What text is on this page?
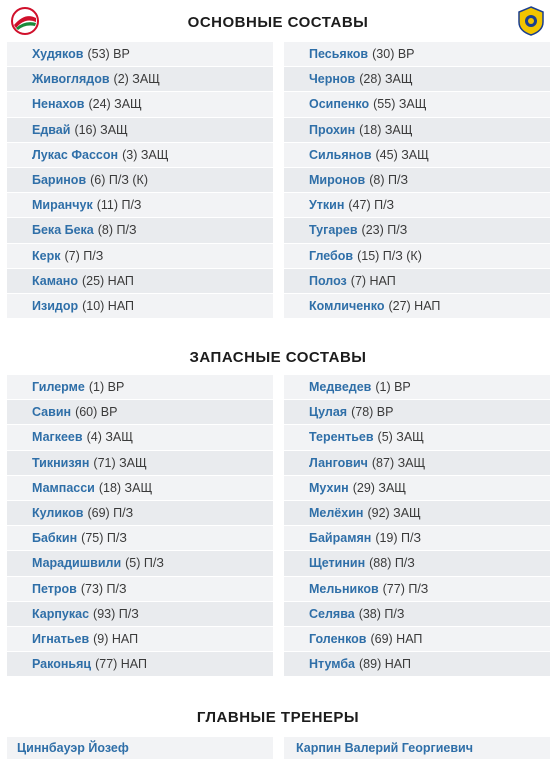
ОСНОВНЫЕ СОСТАВЫ
ЗАПАСНЫЕ СОСТАВЫ
ГЛАВНЫЕ ТРЕНЕРЫ
Худяков (53) ВР
Живоглядов (2) ЗАЩ
Ненахов (24) ЗАЩ
Едвай (16) ЗАЩ
Лукас Фассон (3) ЗАЩ
Баринов (6) П/З (К)
Миранчук (11) П/З
Бека Бека (8) П/З
Керк (7) П/З
Камано (25) НАП
Изидор (10) НАП
Песьяков (30) ВР
Чернов (28) ЗАЩ
Осипенко (55) ЗАЩ
Прохин (18) ЗАЩ
Сильянов (45) ЗАЩ
Миронов (8) П/З
Уткин (47) П/З
Тугарев (23) П/З
Глебов (15) П/З (К)
Полоз (7) НАП
Комличенко (27) НАП
Гилерме (1) ВР
Савин (60) ВР
Магкеев (4) ЗАЩ
Тикнизян (71) ЗАЩ
Мампасси (18) ЗАЩ
Куликов (69) П/З
Бабкин (75) П/З
Марадишвили (5) П/З
Петров (73) П/З
Карпукас (93) П/З
Игнатьев (9) НАП
Раконьяц (77) НАП
Медведев (1) ВР
Цулая (78) ВР
Терентьев (5) ЗАЩ
Лангович (87) ЗАЩ
Мухин (29) ЗАЩ
Мелёхин (92) ЗАЩ
Байрамян (19) П/З
Щетинин (88) П/З
Мельников (77) П/З
Селява (38) П/З
Голенков (69) НАП
Нтумба (89) НАП
Циннбауэр Йозеф	Карпин Валерий Георгиевич
